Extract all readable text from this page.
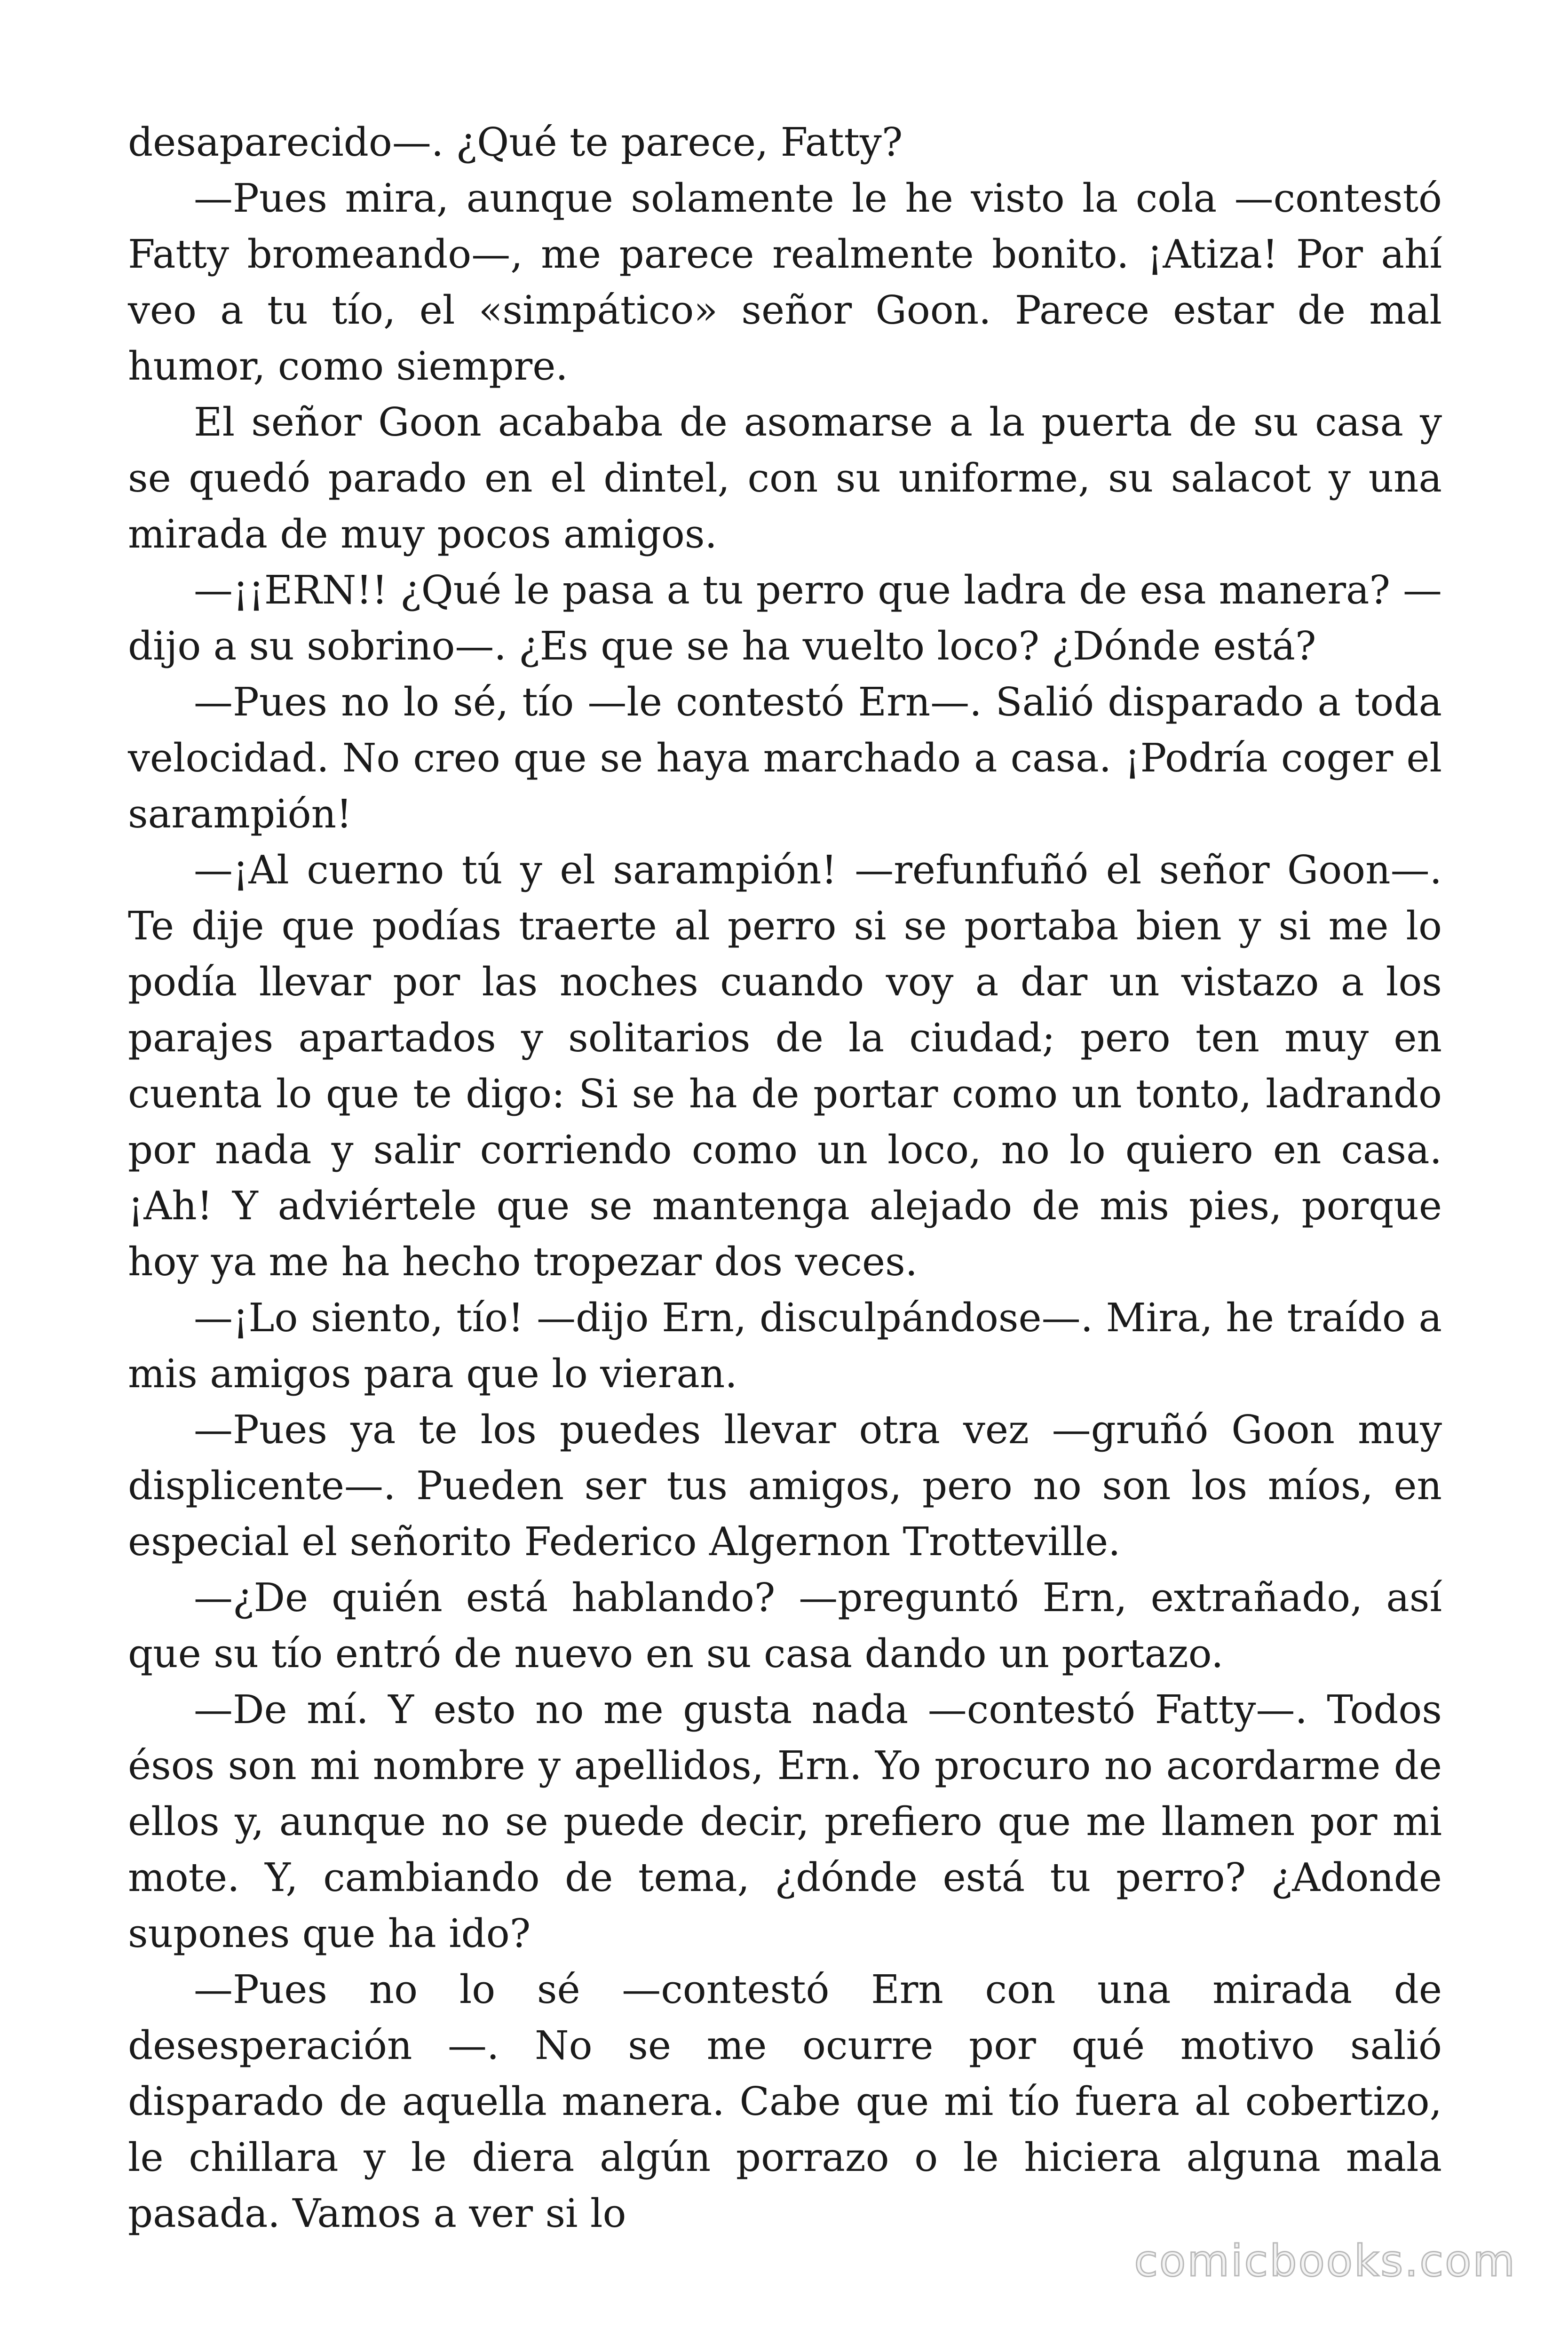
desaparecido—. ¿Qué te parece, Fatty?

—Pues mira, aunque solamente le he visto la cola —contestó Fatty bromeando—, me parece realmente bonito. ¡Atiza! Por ahí veo a tu tío, el «simpático» señor Goon. Parece estar de mal humor, como siempre.

El señor Goon acababa de asomarse a la puerta de su casa y se quedó parado en el dintel, con su uniforme, su salacot y una mirada de muy pocos amigos.

—¡¡ERN!! ¿Qué le pasa a tu perro que ladra de esa manera? —dijo a su sobrino—. ¿Es que se ha vuelto loco? ¿Dónde está?

—Pues no lo sé, tío —le contestó Ern—. Salió disparado a toda velocidad. No creo que se haya marchado a casa. ¡Podría coger el sarampión!

—¡Al cuerno tú y el sarampión! —refunfuñó el señor Goon—. Te dije que podías traerte al perro si se portaba bien y si me lo podía llevar por las noches cuando voy a dar un vistazo a los parajes apartados y solitarios de la ciudad; pero ten muy en cuenta lo que te digo: Si se ha de portar como un tonto, ladrando por nada y salir corriendo como un loco, no lo quiero en casa. ¡Ah! Y adviértele que se mantenga alejado de mis pies, porque hoy ya me ha hecho tropezar dos veces.

—¡Lo siento, tío! —dijo Ern, disculpándose—. Mira, he traído a mis amigos para que lo vieran.

—Pues ya te los puedes llevar otra vez —gruñó Goon muy displicente—. Pueden ser tus amigos, pero no son los míos, en especial el señorito Federico Algernon Trotteville.

—¿De quién está hablando? —preguntó Ern, extrañado, así que su tío entró de nuevo en su casa dando un portazo.

—De mí. Y esto no me gusta nada —contestó Fatty—. Todos ésos son mi nombre y apellidos, Ern. Yo procuro no acordarme de ellos y, aunque no se puede decir, prefiero que me llamen por mi mote. Y, cambiando de tema, ¿dónde está tu perro? ¿Adonde supones que ha ido?

—Pues no lo sé —contestó Ern con una mirada de desesperación —. No se me ocurre por qué motivo salió disparado de aquella manera. Cabe que mi tío fuera al cobertizo, le chillara y le diera algún porrazo o le hiciera alguna mala pasada. Vamos a ver si lo

comicbooks.com
